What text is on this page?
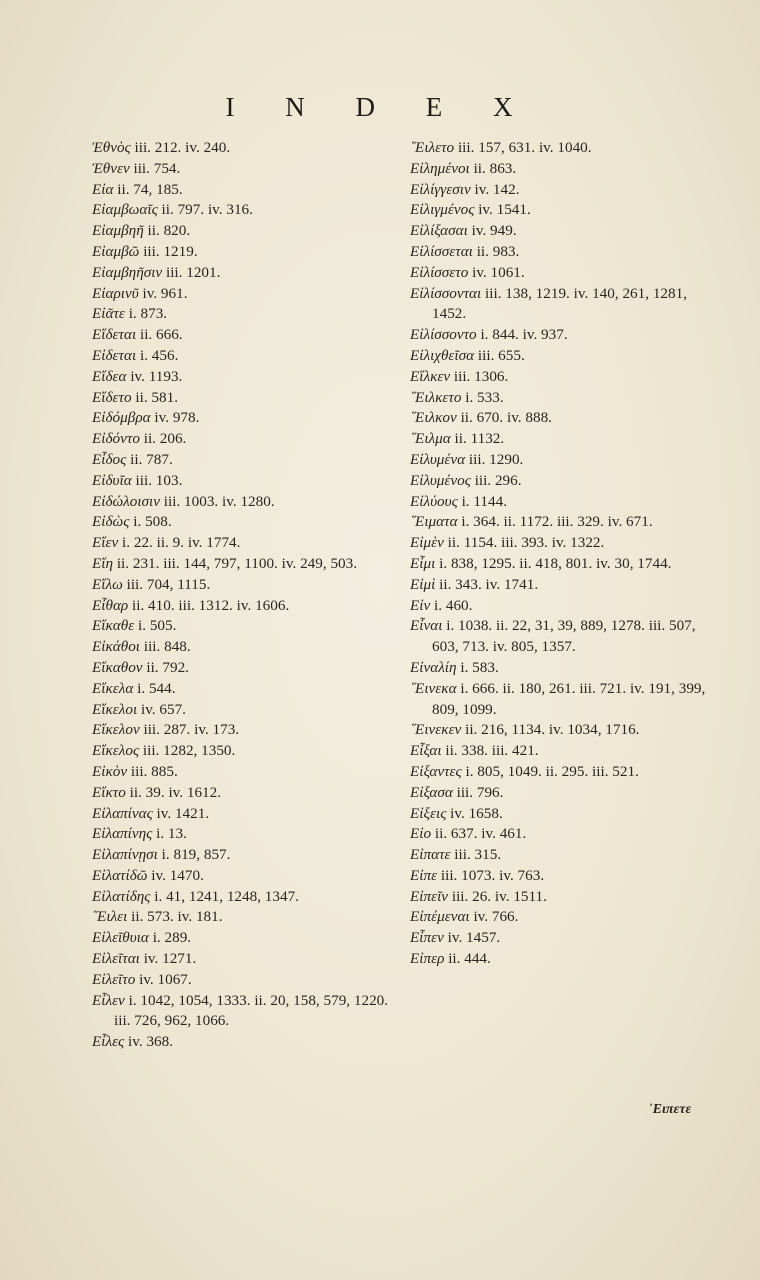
I N D E X
Ἐθνὸς iii. 212. iv. 240.
Ἐθνεν iii. 754.
Εἰα ii. 74, 185.
Εἰαμβωαῖς ii. 797. iv. 316.
Εἰαμβηῆ ii. 820.
Εἰαμβῶ iii. 1219.
Εἰαμβηῆσιν iii. 1201.
Εἰαρινῦ iv. 961.
Εἰᾶτε i. 873.
Εἴδεται ii. 666.
Εἰδεται i. 456.
Εἴδεα iv. 1193.
Εἴδετο ii. 581.
Εἰδόμβρα iv. 978.
Εἰδόντο ii. 206.
Εἶδος ii. 787.
Εἰδυῖα iii. 103.
Εἰδώλοισιν iii. 1003. iv. 1280.
Εἰδὼς i. 508.
Εἴεν i. 22. ii. 9. iv. 1774.
Εἴη ii. 231. iii. 144, 797, 1100. iv. 249, 503.
Εἴλω iii. 704, 1115.
Εἶθαρ ii. 410. iii. 1312. iv. 1606.
Εἴκαθε i. 505.
Εἰκάθοι iii. 848.
Εἴκαθον ii. 792.
Εἴκελα i. 544.
Εἴκελοι iv. 657.
Εἴκελον iii. 287. iv. 173.
Εἴκελος iii. 1282, 1350.
Εἰκὸν iii. 885.
Εἴκτο ii. 39. iv. 1612.
Εἰλαπίνας iv. 1421.
Εἰλαπίνης i. 13.
Εἰλαπίνῃσι i. 819, 857.
Εἰλατίδῶ iv. 1470.
Εἰλατίδης i. 41, 1241, 1248, 1347.
῞Ειλει ii. 573. iv. 181.
Εἰλεῖθυια i. 289.
Εἰλεῖται iv. 1271.
Εἰλεῖτο iv. 1067.
Εἶλεν i. 1042, 1054, 1333. ii. 20, 158, 579, 1220. iii. 726, 962, 1066.
Εἶλες iv. 368.
῞Ειλετο iii. 157, 631. iv. 1040.
Εἰλημένοι ii. 863.
Εἰλίγγεσιν iv. 142.
Εἰλιγμένος iv. 1541.
Εἰλίξασαι iv. 949.
Εἰλίσσεται ii. 983.
Εἰλίσσετο iv. 1061.
Εἰλίσσονται iii. 138, 1219. iv. 140, 261, 1281, 1452.
Εἰλίσσοντο i. 844. iv. 937.
Εἰλιχθεῖσα iii. 655.
Εἵλκεν iii. 1306.
῞Ειλκετο i. 533.
῞Ειλκον ii. 670. iv. 888.
῞Ειλμα ii. 1132.
Εἰλυμένα iii. 1290.
Εἰλυμένος iii. 296.
Εἰλύους i. 1144.
῞Ειματα i. 364. ii. 1172. iii. 329. iv. 671.
Εἰμὲν ii. 1154. iii. 393. iv. 1322.
Εἶμι i. 838, 1295. ii. 418, 801. iv. 30, 1744.
Εἰμὶ ii. 343. iv. 1741.
Εἰν i. 460.
Εἶναι i. 1038. ii. 22, 31, 39, 889, 1278. iii. 507, 603, 713. iv. 805, 1357.
Εἰναλίη i. 583.
῞Εινεκα i. 666. ii. 180, 261. iii. 721. iv. 191, 399, 809, 1099.
῞Εινεκεν ii. 216, 1134. iv. 1034, 1716.
Εἶξαι ii. 338. iii. 421.
Εἰξαντες i. 805, 1049. ii. 295. iii. 521.
Εἰξασα iii. 796.
Εἰξεις iv. 1658.
Εἰο ii. 637. iv. 461.
Εἰπατε iii. 315.
Εἰπε iii. 1073. iv. 763.
Εἰπεῖν iii. 26. iv. 1511.
Εἰπέμεναι iv. 766.
Εἶπεν iv. 1457.
Εἰπερ ii. 444.
᾿Ειπετε
